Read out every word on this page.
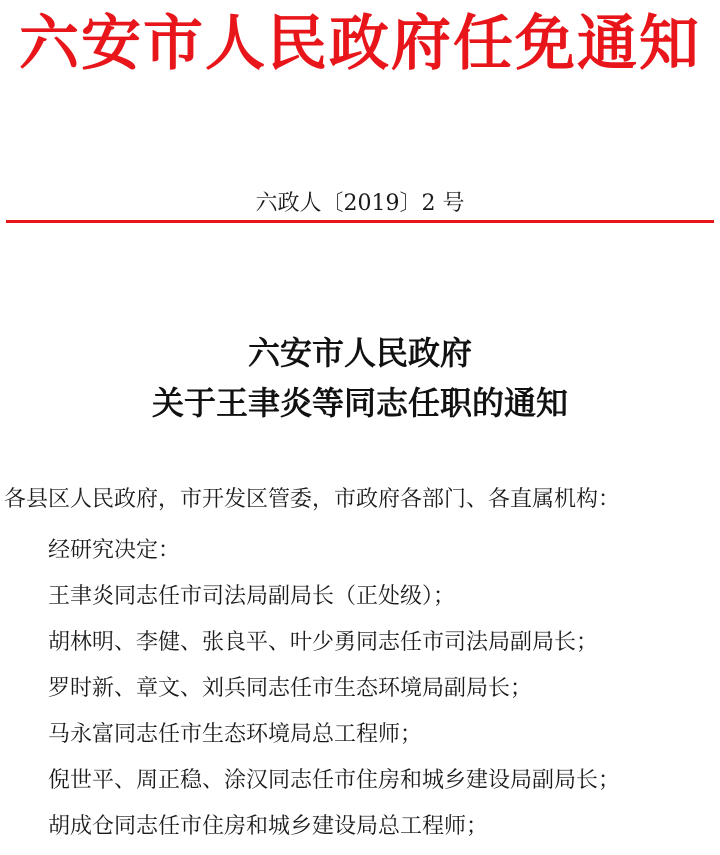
六安市人民政府任免通知
六政人〔2019〕2 号
六安市人民政府
关于王聿炎等同志任职的通知
各县区人民政府，市开发区管委，市政府各部门、各直属机构：
经研究决定：
王聿炎同志任市司法局副局长（正处级）；
胡林明、李健、张良平、叶少勇同志任市司法局副局长；
罗时新、章文、刘兵同志任市生态环境局副局长；
马永富同志任市生态环境局总工程师；
倪世平、周正稳、涂汉同志任市住房和城乡建设局副局长；
胡成仓同志任市住房和城乡建设局总工程师；
